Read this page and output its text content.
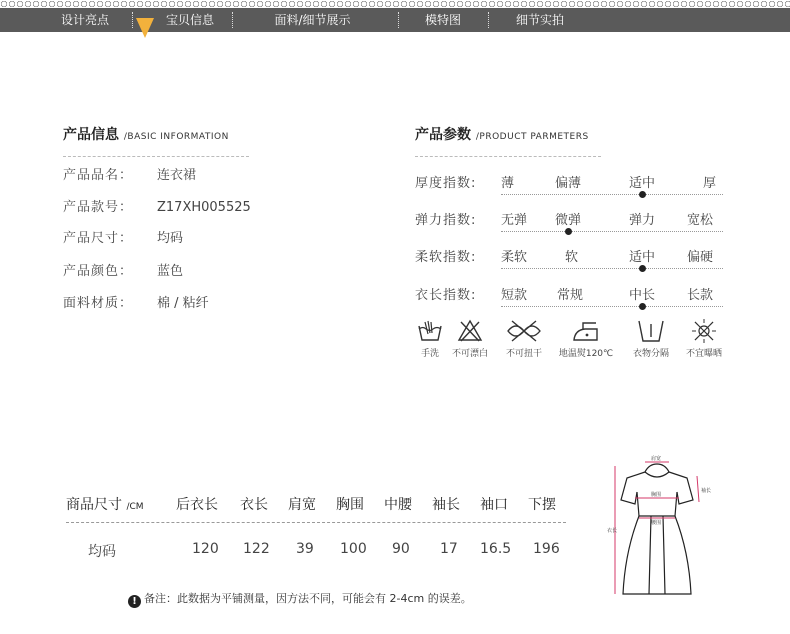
设计亮点	宝贝信息	面料/细节展示	模特图	细节实拍
产品信息 /BASIC INFORMATION
产品品名： 连衣裙
产品款号： Z17XH005525
产品尺寸： 均码
产品颜色： 蓝色
面料材质： 棉 / 粘纤
产品参数 /PRODUCT PARMETERS
厚度指数: 薄	偏薄	适中	厚
弹力指数: 无弹 微弹	弹力 宽松
柔软指数: 柔软	软	适中 偏硬
衣长指数: 短款 常规	中长 长款
手洗	不可漂白	不可扭干	地温熨120℃	衣物分隔	不宜曝晒
商品尺寸 /CM 后衣长 衣长 肩宽 胸围 中腰 袖长 袖口 下摆
均码	120 122 39 100 90 17 16.5 196
肩宽
胸围
腰围
袖长
衣长
! 备注：此数据为平铺测量，因方法不同，可能会有 2-4cm 的误差。
